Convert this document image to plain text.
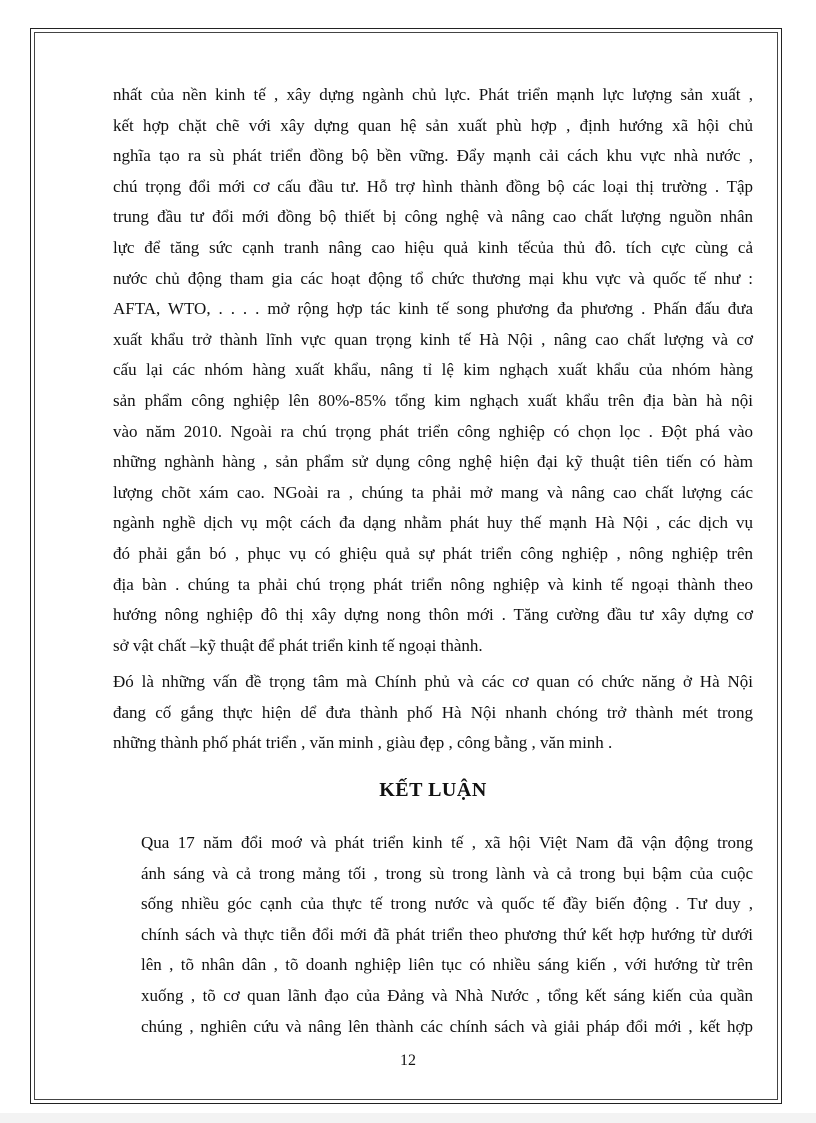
nhất của nền kinh tế , xây dựng ngành chủ lực. Phát triển mạnh lực lượng sản xuất ,
kết hợp chặt chẽ với xây dựng quan hệ sản xuất phù hợp , định hướng xã hội chủ
nghĩa tạo ra sù phát triển đồng bộ bền vững. Đẩy mạnh cải cách khu vực nhà nước ,
chú trọng đổi mới cơ cấu đầu tư. Hỗ trợ hình thành đồng bộ các loại thị trường . Tập
trung đầu tư đổi mới đồng bộ thiết bị công nghệ và nâng cao chất lượng nguồn nhân
lực để tăng sức cạnh tranh nâng cao hiệu quả kinh tếcủa thủ đô. tích cực cùng cả
nước chủ động tham gia các hoạt động tổ chức thương mại khu vực và quốc tế như :
AFTA, WTO, . . . . mở rộng hợp tác kinh tế song phương đa phương . Phấn đấu đưa
xuất khẩu trở thành lĩnh vực quan trọng kinh tế Hà Nội , nâng cao chất lượng và cơ
cấu lại các nhóm hàng xuất khẩu, nâng tỉ lệ kim nghạch xuất khẩu của nhóm hàng
sản phẩm công nghiệp lên 80%-85% tổng kim nghạch xuất khẩu trên địa bàn hà nội
vào năm 2010. Ngoài ra chú trọng phát triển công nghiệp có chọn lọc . Đột phá vào
những nghành hàng , sản phẩm sử dụng công nghệ hiện đại kỹ thuật tiên tiến có hàm
lượng chõt xám cao. NGoài ra , chúng ta phải mở mang và nâng cao chất lượng các
ngành nghề dịch vụ một cách đa dạng nhằm phát huy thế mạnh Hà Nội , các dịch vụ
đó phải gắn bó , phục vụ có ghiệu quả sự phát triển công nghiệp , nông nghiệp trên
địa bàn . chúng ta phải chú trọng phát triển nông nghiệp và kinh tế ngoại thành theo
hướng nông nghiệp đô thị xây dựng nong thôn mới . Tăng cường đầu tư xây dựng cơ
sở vật chất –kỹ thuật để phát triển kinh tế ngoại thành.

Đó là những vấn đề trọng tâm mà Chính phủ và các cơ quan có chức năng ở Hà Nội
đang cố gắng thực hiện dể đưa thành phố Hà Nội nhanh chóng trở thành mét trong
những thành phố phát triển , văn minh , giàu đẹp , công bằng , văn minh .

KẾT LUẬN

Qua 17 năm đổi moớ và phát triển kinh tế , xã hội Việt Nam đã vận động trong
ánh sáng và cả trong mảng tối , trong sù trong lành và cả trong bụi bậm của cuộc
sống nhiều góc cạnh của thực tế trong nước và quốc tế đầy biến động . Tư duy ,
chính sách và thực tiễn đổi mới đã phát triển theo phương thứ kết hợp hướng từ dưới
lên , tõ nhân dân , tõ doanh nghiệp liên tục có nhiều sáng kiến , với hướng từ trên
xuống , tõ cơ quan lãnh đạo của Đảng và Nhà Nước , tổng kết sáng kiến của quần
chúng , nghiên cứu và nâng lên thành các chính sách và giải pháp đổi mới , kết hợp

12
